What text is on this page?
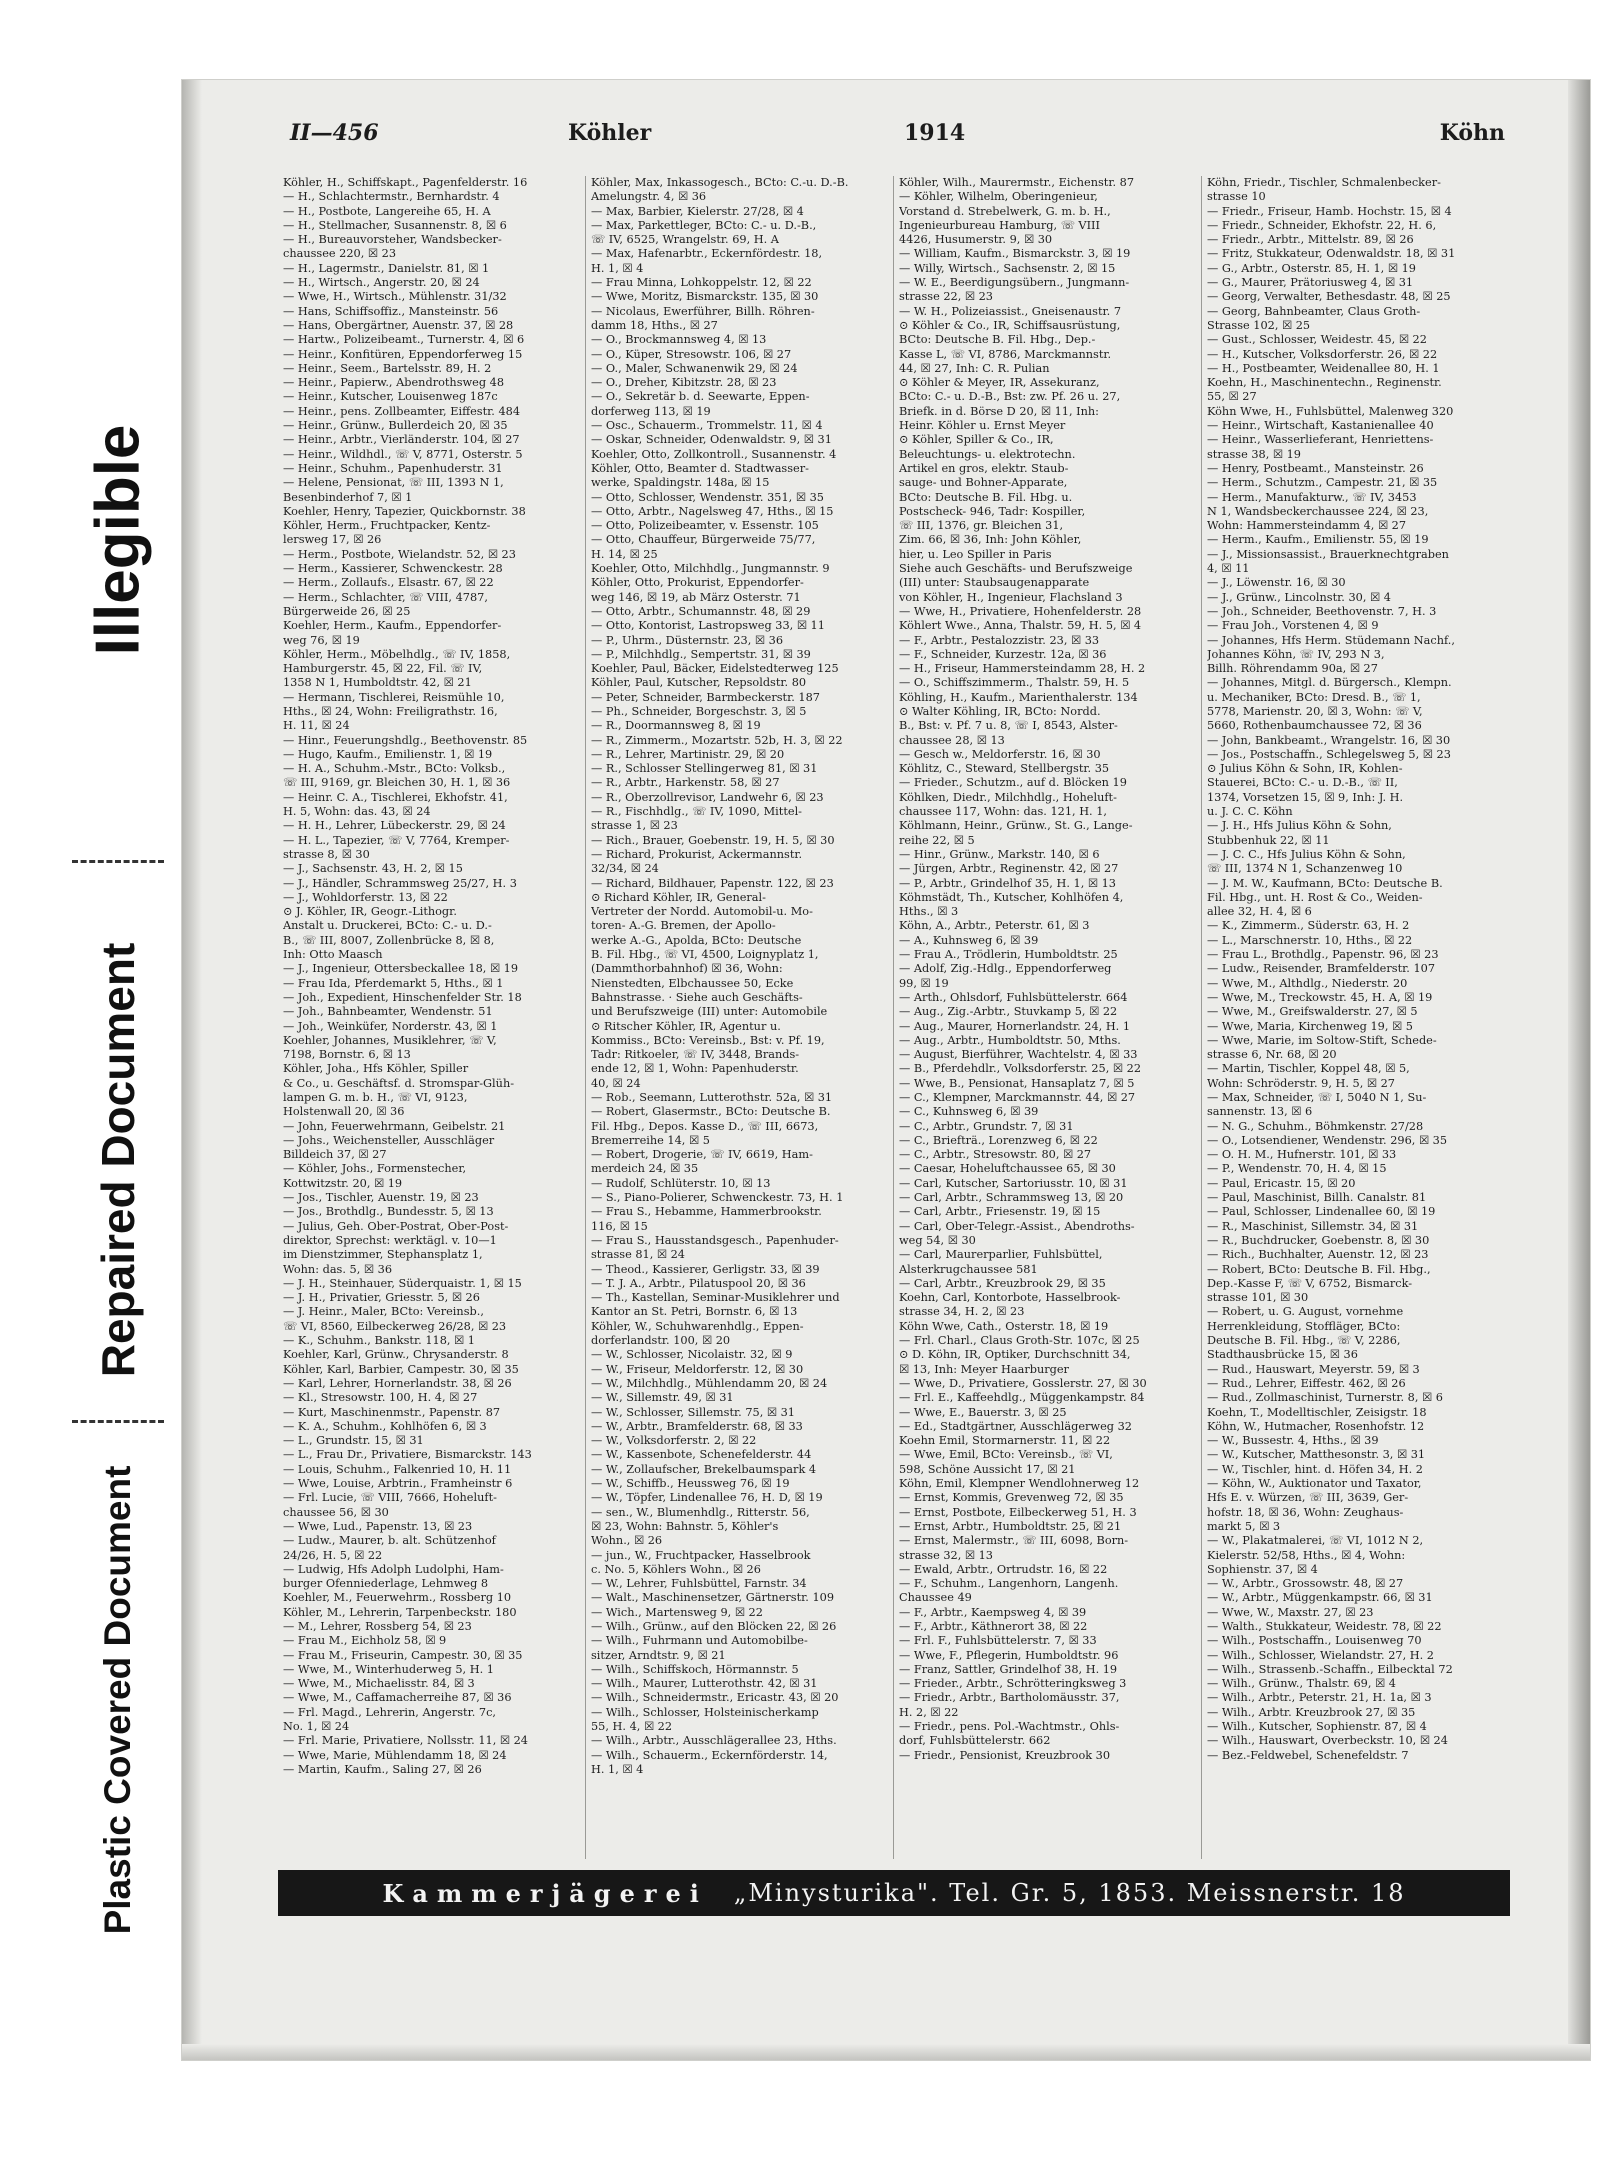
Illegible
Repaired Document
Plastic Covered Document
II—456	Köhler	1914	Köhn
Köhler, H., Schiffskapt., Pagenfelderstr. 16
— H., Schlachtermstr., Bernhardstr. 4
— H., Postbote, Langereihe 65, H. A
— H., Stellmacher, Susannenstr. 8, ☒ 6
— H., Bureauvorsteher, Wandsbecker-
chaussee 220, ☒ 23
— H., Lagermstr., Danielstr. 81, ☒ 1
— H., Wirtsch., Angerstr. 20, ☒ 24
— Wwe, H., Wirtsch., Mühlenstr. 31/32
— Hans, Schiffsoffiz., Mansteinstr. 56
— Hans, Obergärtner, Auenstr. 37, ☒ 28
— Hartw., Polizeibeamt., Turnerstr. 4, ☒ 6
— Heinr., Konfitüren, Eppendorferweg 15
— Heinr., Seem., Bartelsstr. 89, H. 2
— Heinr., Papierw., Abendrothsweg 48
— Heinr., Kutscher, Louisenweg 187c
— Heinr., pens. Zollbeamter, Eiffestr. 484
— Heinr., Grünw., Bullerdeich 20, ☒ 35
— Heinr., Arbtr., Vierländerstr. 104, ☒ 27
— Heinr., Wildhdl., ☏ V, 8771, Osterstr. 5
— Heinr., Schuhm., Papenhuderstr. 31
— Helene, Pensionat, ☏ III, 1393 N 1,
Besenbinderhof 7, ☒ 1
Koehler, Henry, Tapezier, Quickbornstr. 38
Köhler, Herm., Fruchtpacker, Kentz-
lersweg 17, ☒ 26
— Herm., Postbote, Wielandstr. 52, ☒ 23
— Herm., Kassierer, Schwenckestr. 28
— Herm., Zollaufs., Elsastr. 67, ☒ 22
— Herm., Schlachter, ☏ VIII, 4787,
Bürgerweide 26, ☒ 25
Koehler, Herm., Kaufm., Eppendorfer-
weg 76, ☒ 19
Köhler, Herm., Möbelhdlg., ☏ IV, 1858,
Hamburgerstr. 45, ☒ 22, Fil. ☏ IV,
1358 N 1, Humboldtstr. 42, ☒ 21
— Hermann, Tischlerei, Reismühle 10,
Hths., ☒ 24, Wohn: Freiligrathstr. 16,
H. 11, ☒ 24
— Hinr., Feuerungshdlg., Beethovenstr. 85
— Hugo, Kaufm., Emilienstr. 1, ☒ 19
— H. A., Schuhm.-Mstr., BCto: Volksb.,
☏ III, 9169, gr. Bleichen 30, H. 1, ☒ 36
— Heinr. C. A., Tischlerei, Ekhofstr. 41,
H. 5, Wohn: das. 43, ☒ 24
— H. H., Lehrer, Lübeckerstr. 29, ☒ 24
— H. L., Tapezier, ☏ V, 7764, Kremper-
strasse 8, ☒ 30
— J., Sachsenstr. 43, H. 2, ☒ 15
— J., Händler, Schrammsweg 25/27, H. 3
— J., Wohldorferstr. 13, ☒ 22
⊙ J. Köhler, IR, Geogr.-Lithogr.
Anstalt u. Druckerei, BCto: C.- u. D.-
B., ☏ III, 8007, Zollenbrücke 8, ☒ 8,
Inh: Otto Maasch
— J., Ingenieur, Ottersbeckallee 18, ☒ 19
— Frau Ida, Pferdemarkt 5, Hths., ☒ 1
— Joh., Expedient, Hinschenfelder Str. 18
— Joh., Bahnbeamter, Wendenstr. 51
— Joh., Weinküfer, Norderstr. 43, ☒ 1
Koehler, Johannes, Musiklehrer, ☏ V,
7198, Bornstr. 6, ☒ 13
Köhler, Joha., Hfs Köhler, Spiller
& Co., u. Geschäftsf. d. Stromspar-Glüh-
lampen G. m. b. H., ☏ VI, 9123,
Holstenwall 20, ☒ 36
— John, Feuerwehrmann, Geibelstr. 21
— Johs., Weichensteller, Ausschläger
Billdeich 37, ☒ 27
— Köhler, Johs., Formenstecher,
Kottwitzstr. 20, ☒ 19
— Jos., Tischler, Auenstr. 19, ☒ 23
— Jos., Brothdlg., Bundesstr. 5, ☒ 13
— Julius, Geh. Ober-Postrat, Ober-Post-
direktor, Sprechst: werktägl. v. 10—1
im Dienstzimmer, Stephansplatz 1,
Wohn: das. 5, ☒ 36
— J. H., Steinhauer, Süderquaistr. 1, ☒ 15
— J. H., Privatier, Griesstr. 5, ☒ 26
— J. Heinr., Maler, BCto: Vereinsb.,
☏ VI, 8560, Eilbeckerweg 26/28, ☒ 23
— K., Schuhm., Bankstr. 118, ☒ 1
Koehler, Karl, Grünw., Chrysanderstr. 8
Köhler, Karl, Barbier, Campestr. 30, ☒ 35
— Karl, Lehrer, Hornerlandstr. 38, ☒ 26
— Kl., Stresowstr. 100, H. 4, ☒ 27
— Kurt, Maschinenmstr., Papenstr. 87
— K. A., Schuhm., Kohlhöfen 6, ☒ 3
— L., Grundstr. 15, ☒ 31
— L., Frau Dr., Privatiere, Bismarckstr. 143
— Louis, Schuhm., Falkenried 10, H. 11
— Wwe, Louise, Arbtrin., Framheinstr 6
— Frl. Lucie, ☏ VIII, 7666, Hoheluft-
chaussee 56, ☒ 30
— Wwe, Lud., Papenstr. 13, ☒ 23
— Ludw., Maurer, b. alt. Schützenhof
24/26, H. 5, ☒ 22
— Ludwig, Hfs Adolph Ludolphi, Ham-
burger Ofenniederlage, Lehmweg 8
Koehler, M., Feuerwehrm., Rossberg 10
Köhler, M., Lehrerin, Tarpenbeckstr. 180
— M., Lehrer, Rossberg 54, ☒ 23
— Frau M., Eichholz 58, ☒ 9
— Frau M., Friseurin, Campestr. 30, ☒ 35
— Wwe, M., Winterhuderweg 5, H. 1
— Wwe, M., Michaelisstr. 84, ☒ 3
— Wwe, M., Caffamacherreihe 87, ☒ 36
— Frl. Magd., Lehrerin, Angerstr. 7c,
No. 1, ☒ 24
— Frl. Marie, Privatiere, Nollsstr. 11, ☒ 24
— Wwe, Marie, Mühlendamm 18, ☒ 24
— Martin, Kaufm., Saling 27, ☒ 26
Köhler, Max, Inkassogesch., BCto: C.-u. D.-B.
Amelungstr. 4, ☒ 36
— Max, Barbier, Kielerstr. 27/28, ☒ 4
— Max, Parkettleger, BCto: C.- u. D.-B.,
☏ IV, 6525, Wrangelstr. 69, H. A
— Max, Hafenarbtr., Eckernfördestr. 18,
H. 1, ☒ 4
— Frau Minna, Lohkoppelstr. 12, ☒ 22
— Wwe, Moritz, Bismarckstr. 135, ☒ 30
— Nicolaus, Ewerführer, Billh. Röhren-
damm 18, Hths., ☒ 27
— O., Brockmannsweg 4, ☒ 13
— O., Küper, Stresowstr. 106, ☒ 27
— O., Maler, Schwanenwik 29, ☒ 24
— O., Dreher, Kibitzstr. 28, ☒ 23
— O., Sekretär b. d. Seewarte, Eppen-
dorferweg 113, ☒ 19
— Osc., Schauerm., Trommelstr. 11, ☒ 4
— Oskar, Schneider, Odenwaldstr. 9, ☒ 31
Koehler, Otto, Zollkontroll., Susannenstr. 4
Köhler, Otto, Beamter d. Stadtwasser-
werke, Spaldingstr. 148a, ☒ 15
— Otto, Schlosser, Wendenstr. 351, ☒ 35
— Otto, Arbtr., Nagelsweg 47, Hths., ☒ 15
— Otto, Polizeibeamter, v. Essenstr. 105
— Otto, Chauffeur, Bürgerweide 75/77,
H. 14, ☒ 25
Koehler, Otto, Milchhdlg., Jungmannstr. 9
Köhler, Otto, Prokurist, Eppendorfer-
weg 146, ☒ 19, ab März Osterstr. 71
— Otto, Arbtr., Schumannstr. 48, ☒ 29
— Otto, Kontorist, Lastropsweg 33, ☒ 11
— P., Uhrm., Düsternstr. 23, ☒ 36
— P., Milchhdlg., Sempertstr. 31, ☒ 39
Koehler, Paul, Bäcker, Eidelstedterweg 125
Köhler, Paul, Kutscher, Repsoldstr. 80
— Peter, Schneider, Barmbeckerstr. 187
— Ph., Schneider, Borgeschstr. 3, ☒ 5
— R., Doormannsweg 8, ☒ 19
— R., Zimmerm., Mozartstr. 52b, H. 3, ☒ 22
— R., Lehrer, Martinistr. 29, ☒ 20
— R., Schlosser Stellingerweg 81, ☒ 31
— R., Arbtr., Harkenstr. 58, ☒ 27
— R., Oberzollrevisor, Landwehr 6, ☒ 23
— R., Fischhdlg., ☏ IV, 1090, Mittel-
strasse 1, ☒ 23
— Rich., Brauer, Goebenstr. 19, H. 5, ☒ 30
— Richard, Prokurist, Ackermannstr.
32/34, ☒ 24
— Richard, Bildhauer, Papenstr. 122, ☒ 23
⊙ Richard Köhler, IR, General-
Vertreter der Nordd. Automobil-u. Mo-
toren- A.-G. Bremen, der Apollo-
werke A.-G., Apolda, BCto: Deutsche
B. Fil. Hbg., ☏ VI, 4500, Loignyplatz 1,
(Dammthorbahnhof) ☒ 36, Wohn:
Nienstedten, Elbchaussee 50, Ecke
Bahnstrasse. · Siehe auch Geschäfts-
und Berufszweige (III) unter: Automobile
⊙ Ritscher Köhler, IR, Agentur u.
Kommiss., BCto: Vereinsb., Bst: v. Pf. 19,
Tadr: Ritkoeler, ☏ IV, 3448, Brands-
ende 12, ☒ 1, Wohn: Papenhuderstr.
40, ☒ 24
— Rob., Seemann, Lutterothstr. 52a, ☒ 31
— Robert, Glasermstr., BCto: Deutsche B.
Fil. Hbg., Depos. Kasse D., ☏ III, 6673,
Bremerreihe 14, ☒ 5
— Robert, Drogerie, ☏ IV, 6619, Ham-
merdeich 24, ☒ 35
— Rudolf, Schlüterstr. 10, ☒ 13
— S., Piano-Polierer, Schwenckestr. 73, H. 1
— Frau S., Hebamme, Hammerbrookstr.
116, ☒ 15
— Frau S., Hausstandsgesch., Papenhuder-
strasse 81, ☒ 24
— Theod., Kassierer, Gerligstr. 33, ☒ 39
— T. J. A., Arbtr., Pilatuspool 20, ☒ 36
— Th., Kastellan, Seminar-Musiklehrer und
Kantor an St. Petri, Bornstr. 6, ☒ 13
Köhler, W., Schuhwarenhdlg., Eppen-
dorferlandstr. 100, ☒ 20
— W., Schlosser, Nicolaistr. 32, ☒ 9
— W., Friseur, Meldorferstr. 12, ☒ 30
— W., Milchhdlg., Mühlendamm 20, ☒ 24
— W., Sillemstr. 49, ☒ 31
— W., Schlosser, Sillemstr. 75, ☒ 31
— W., Arbtr., Bramfelderstr. 68, ☒ 33
— W., Volksdorferstr. 2, ☒ 22
— W., Kassenbote, Schenefelderstr. 44
— W., Zollaufscher, Brekelbaumspark 4
— W., Schiffb., Heussweg 76, ☒ 19
— W., Töpfer, Lindenallee 76, H. D, ☒ 19
— sen., W., Blumenhdlg., Ritterstr. 56,
☒ 23, Wohn: Bahnstr. 5, Köhler's
Wohn., ☒ 26
— jun., W., Fruchtpacker, Hasselbrook
c. No. 5, Köhlers Wohn., ☒ 26
— W., Lehrer, Fuhlsbüttel, Farnstr. 34
— Walt., Maschinensetzer, Gärtnerstr. 109
— Wich., Martensweg 9, ☒ 22
— Wilh., Grünw., auf den Blöcken 22, ☒ 26
— Wilh., Fuhrmann und Automobilbe-
sitzer, Arndtstr. 9, ☒ 21
— Wilh., Schiffskoch, Hörmannstr. 5
— Wilh., Maurer, Lutterothstr. 42, ☒ 31
— Wilh., Schneidermstr., Ericastr. 43, ☒ 20
— Wilh., Schlosser, Holsteinischerkamp
55, H. 4, ☒ 22
— Wilh., Arbtr., Ausschlägerallee 23, Hths.
— Wilh., Schauerm., Eckernförderstr. 14,
H. 1, ☒ 4
Köhler, Wilh., Maurermstr., Eichenstr. 87
— Köhler, Wilhelm, Oberingenieur,
Vorstand d. Strebelwerk, G. m. b. H.,
Ingenieurbureau Hamburg, ☏ VIII
4426, Husumerstr. 9, ☒ 30
— William, Kaufm., Bismarckstr. 3, ☒ 19
— Willy, Wirtsch., Sachsenstr. 2, ☒ 15
— W. E., Beerdigungsübern., Jungmann-
strasse 22, ☒ 23
— W. H., Polizeiassist., Gneisenaustr. 7
⊙ Köhler & Co., IR, Schiffsausrüstung,
BCto: Deutsche B. Fil. Hbg., Dep.-
Kasse L, ☏ VI, 8786, Marckmannstr.
44, ☒ 27, Inh: C. R. Pulian
⊙ Köhler & Meyer, IR, Assekuranz,
BCto: C.- u. D.-B., Bst: zw. Pf. 26 u. 27,
Briefk. in d. Börse D 20, ☒ 11, Inh:
Heinr. Köhler u. Ernst Meyer
⊙ Köhler, Spiller & Co., IR,
Beleuchtungs- u. elektrotechn.
Artikel en gros, elektr. Staub-
sauge- und Bohner-Apparate,
BCto: Deutsche B. Fil. Hbg. u.
Postscheck- 946, Tadr: Kospiller,
☏ III, 1376, gr. Bleichen 31,
Zim. 66, ☒ 36, Inh: John Köhler,
hier, u. Leo Spiller in Paris
Siehe auch Geschäfts- und Berufszweige
(III) unter: Staubsaugenapparate
von Köhler, H., Ingenieur, Flachsland 3
— Wwe, H., Privatiere, Hohenfelderstr. 28
Köhlert Wwe., Anna, Thalstr. 59, H. 5, ☒ 4
— F., Arbtr., Pestalozzistr. 23, ☒ 33
— F., Schneider, Kurzestr. 12a, ☒ 36
— H., Friseur, Hammersteindamm 28, H. 2
— O., Schiffszimmerm., Thalstr. 59, H. 5
Köhling, H., Kaufm., Marienthalerstr. 134
⊙ Walter Köhling, IR, BCto: Nordd.
B., Bst: v. Pf. 7 u. 8, ☏ I, 8543, Alster-
chaussee 28, ☒ 13
— Gesch w., Meldorferstr. 16, ☒ 30
Köhlitz, C., Steward, Stellbergstr. 35
— Frieder., Schutzm., auf d. Blöcken 19
Köhlken, Diedr., Milchhdlg., Hoheluft-
chaussee 117, Wohn: das. 121, H. 1,
Köhlmann, Heinr., Grünw., St. G., Lange-
reihe 22, ☒ 5
— Hinr., Grünw., Markstr. 140, ☒ 6
— Jürgen, Arbtr., Reginenstr. 42, ☒ 27
— P., Arbtr., Grindelhof 35, H. 1, ☒ 13
Köhmstädt, Th., Kutscher, Kohlhöfen 4,
Hths., ☒ 3
Köhn, A., Arbtr., Peterstr. 61, ☒ 3
— A., Kuhnsweg 6, ☒ 39
— Frau A., Trödlerin, Humboldtstr. 25
— Adolf, Zig.-Hdlg., Eppendorferweg
99, ☒ 19
— Arth., Ohlsdorf, Fuhlsbüttelerstr. 664
— Aug., Zig.-Arbtr., Stuvkamp 5, ☒ 22
— Aug., Maurer, Hornerlandstr. 24, H. 1
— Aug., Arbtr., Humboldtstr. 50, Mths.
— August, Bierführer, Wachtelstr. 4, ☒ 33
— B., Pferdehdlr., Volksdorferstr. 25, ☒ 22
— Wwe, B., Pensionat, Hansaplatz 7, ☒ 5
— C., Klempner, Marckmannstr. 44, ☒ 27
— C., Kuhnsweg 6, ☒ 39
— C., Arbtr., Grundstr. 7, ☒ 31
— C., Briefträ., Lorenzweg 6, ☒ 22
— C., Arbtr., Stresowstr. 80, ☒ 27
— Caesar, Hoheluftchaussee 65, ☒ 30
— Carl, Kutscher, Sartoriusstr. 10, ☒ 31
— Carl, Arbtr., Schrammsweg 13, ☒ 20
— Carl, Arbtr., Friesenstr. 19, ☒ 15
— Carl, Ober-Telegr.-Assist., Abendroths-
weg 54, ☒ 30
— Carl, Maurerparlier, Fuhlsbüttel,
Alsterkrugchaussee 581
— Carl, Arbtr., Kreuzbrook 29, ☒ 35
Koehn, Carl, Kontorbote, Hasselbrook-
strasse 34, H. 2, ☒ 23
Köhn Wwe, Cath., Osterstr. 18, ☒ 19
— Frl. Charl., Claus Groth-Str. 107c, ☒ 25
⊙ D. Köhn, IR, Optiker, Durchschnitt 34,
☒ 13, Inh: Meyer Haarburger
— Wwe, D., Privatiere, Gosslerstr. 27, ☒ 30
— Frl. E., Kaffeehdlg., Müggenkampstr. 84
— Wwe, E., Bauerstr. 3, ☒ 25
— Ed., Stadtgärtner, Ausschlägerweg 32
Koehn Emil, Stormarnerstr. 11, ☒ 22
— Wwe, Emil, BCto: Vereinsb., ☏ VI,
598, Schöne Aussicht 17, ☒ 21
Köhn, Emil, Klempner Wendlohnerweg 12
— Ernst, Kommis, Grevenweg 72, ☒ 35
— Ernst, Postbote, Eilbeckerweg 51, H. 3
— Ernst, Arbtr., Humboldtstr. 25, ☒ 21
— Ernst, Malermstr., ☏ III, 6098, Born-
strasse 32, ☒ 13
— Ewald, Arbtr., Ortrudstr. 16, ☒ 22
— F., Schuhm., Langenhorn, Langenh.
Chaussee 49
— F., Arbtr., Kaempsweg 4, ☒ 39
— F., Arbtr., Käthnerort 38, ☒ 22
— Frl. F., Fuhlsbüttelerstr. 7, ☒ 33
— Wwe, F., Pflegerin, Humboldtstr. 96
— Franz, Sattler, Grindelhof 38, H. 19
— Frieder., Arbtr., Schrötteringksweg 3
— Friedr., Arbtr., Bartholomäusstr. 37,
H. 2, ☒ 22
— Friedr., pens. Pol.-Wachtmstr., Ohls-
dorf, Fuhlsbüttelerstr. 662
— Friedr., Pensionist, Kreuzbrook 30
Köhn, Friedr., Tischler, Schmalenbecker-
strasse 10
— Friedr., Friseur, Hamb. Hochstr. 15, ☒ 4
— Friedr., Schneider, Ekhofstr. 22, H. 6,
— Friedr., Arbtr., Mittelstr. 89, ☒ 26
— Fritz, Stukkateur, Odenwaldstr. 18, ☒ 31
— G., Arbtr., Osterstr. 85, H. 1, ☒ 19
— G., Maurer, Prätoriusweg 4, ☒ 31
— Georg, Verwalter, Bethesdastr. 48, ☒ 25
— Georg, Bahnbeamter, Claus Groth-
Strasse 102, ☒ 25
— Gust., Schlosser, Weidestr. 45, ☒ 22
— H., Kutscher, Volksdorferstr. 26, ☒ 22
— H., Postbeamter, Weidenallee 80, H. 1
Koehn, H., Maschinentechn., Reginenstr.
55, ☒ 27
Köhn Wwe, H., Fuhlsbüttel, Malenweg 320
— Heinr., Wirtschaft, Kastanienallee 40
— Heinr., Wasserlieferant, Henriettens-
strasse 38, ☒ 19
— Henry, Postbeamt., Mansteinstr. 26
— Herm., Schutzm., Campestr. 21, ☒ 35
— Herm., Manufakturw., ☏ IV, 3453
N 1, Wandsbeckerchaussee 224, ☒ 23,
Wohn: Hammersteindamm 4, ☒ 27
— Herm., Kaufm., Emilienstr. 55, ☒ 19
— J., Missionsassist., Brauerknechtgraben
4, ☒ 11
— J., Löwenstr. 16, ☒ 30
— J., Grünw., Lincolnstr. 30, ☒ 4
— Joh., Schneider, Beethovenstr. 7, H. 3
— Frau Joh., Vorstenen 4, ☒ 9
— Johannes, Hfs Herm. Stüdemann Nachf.,
Johannes Köhn, ☏ IV, 293 N 3,
Billh. Röhrendamm 90a, ☒ 27
— Johannes, Mitgl. d. Bürgersch., Klempn.
u. Mechaniker, BCto: Dresd. B., ☏ 1,
5778, Marienstr. 20, ☒ 3, Wohn: ☏ V,
5660, Rothenbaumchaussee 72, ☒ 36
— John, Bankbeamt., Wrangelstr. 16, ☒ 30
— Jos., Postschaffn., Schlegelsweg 5, ☒ 23
⊙ Julius Köhn & Sohn, IR, Kohlen-
Stauerei, BCto: C.- u. D.-B., ☏ II,
1374, Vorsetzen 15, ☒ 9, Inh: J. H.
u. J. C. C. Köhn
— J. H., Hfs Julius Köhn & Sohn,
Stubbenhuk 22, ☒ 11
— J. C. C., Hfs Julius Köhn & Sohn,
☏ III, 1374 N 1, Schanzenweg 10
— J. M. W., Kaufmann, BCto: Deutsche B.
Fil. Hbg., unt. H. Rost & Co., Weiden-
allee 32, H. 4, ☒ 6
— K., Zimmerm., Süderstr. 63, H. 2
— L., Marschnerstr. 10, Hths., ☒ 22
— Frau L., Brothdlg., Papenstr. 96, ☒ 23
— Ludw., Reisender, Bramfelderstr. 107
— Wwe, M., Althdlg., Niederstr. 20
— Wwe, M., Treckowstr. 45, H. A, ☒ 19
— Wwe, M., Greifswalderstr. 27, ☒ 5
— Wwe, Maria, Kirchenweg 19, ☒ 5
— Wwe, Marie, im Soltow-Stift, Schede-
strasse 6, Nr. 68, ☒ 20
— Martin, Tischler, Koppel 48, ☒ 5,
Wohn: Schröderstr. 9, H. 5, ☒ 27
— Max, Schneider, ☏ I, 5040 N 1, Su-
sannenstr. 13, ☒ 6
— N. G., Schuhm., Böhmkenstr. 27/28
— O., Lotsendiener, Wendenstr. 296, ☒ 35
— O. H. M., Hufnerstr. 101, ☒ 33
— P., Wendenstr. 70, H. 4, ☒ 15
— Paul, Ericastr. 15, ☒ 20
— Paul, Maschinist, Billh. Canalstr. 81
— Paul, Schlosser, Lindenallee 60, ☒ 19
— R., Maschinist, Sillemstr. 34, ☒ 31
— R., Buchdrucker, Goebenstr. 8, ☒ 30
— Rich., Buchhalter, Auenstr. 12, ☒ 23
— Robert, BCto: Deutsche B. Fil. Hbg.,
Dep.-Kasse F, ☏ V, 6752, Bismarck-
strasse 101, ☒ 30
— Robert, u. G. August, vornehme
Herrenkleidung, Stoffläger, BCto:
Deutsche B. Fil. Hbg., ☏ V, 2286,
Stadthausbrücke 15, ☒ 36
— Rud., Hauswart, Meyerstr. 59, ☒ 3
— Rud., Lehrer, Eiffestr. 462, ☒ 26
— Rud., Zollmaschinist, Turnerstr. 8, ☒ 6
Koehn, T., Modelltischler, Zeisigstr. 18
Köhn, W., Hutmacher, Rosenhofstr. 12
— W., Bussestr. 4, Hths., ☒ 39
— W., Kutscher, Matthesonstr. 3, ☒ 31
— W., Tischler, hint. d. Höfen 34, H. 2
— Köhn, W., Auktionator und Taxator,
Hfs E. v. Würzen, ☏ III, 3639, Ger-
hofstr. 18, ☒ 36, Wohn: Zeughaus-
markt 5, ☒ 3
— W., Plakatmalerei, ☏ VI, 1012 N 2,
Kielerstr. 52/58, Hths., ☒ 4, Wohn:
Sophienstr. 37, ☒ 4
— W., Arbtr., Grossowstr. 48, ☒ 27
— W., Arbtr., Müggenkampstr. 66, ☒ 31
— Wwe, W., Maxstr. 27, ☒ 23
— Walth., Stukkateur, Weidestr. 78, ☒ 22
— Wilh., Postschaffn., Louisenweg 70
— Wilh., Schlosser, Wielandstr. 27, H. 2
— Wilh., Strassenb.-Schaffn., Eilbecktal 72
— Wilh., Grünw., Thalstr. 69, ☒ 4
— Wilh., Arbtr., Peterstr. 21, H. 1a, ☒ 3
— Wilh., Arbtr. Kreuzbrook 27, ☒ 35
— Wilh., Kutscher, Sophienstr. 87, ☒ 4
— Wilh., Hauswart, Overbeckstr. 10, ☒ 24
— Bez.-Feldwebel, Schenefeldstr. 7
Kammerjägerei „Minysturika". Tel. Gr. 5, 1853. Meissnerstr. 18
